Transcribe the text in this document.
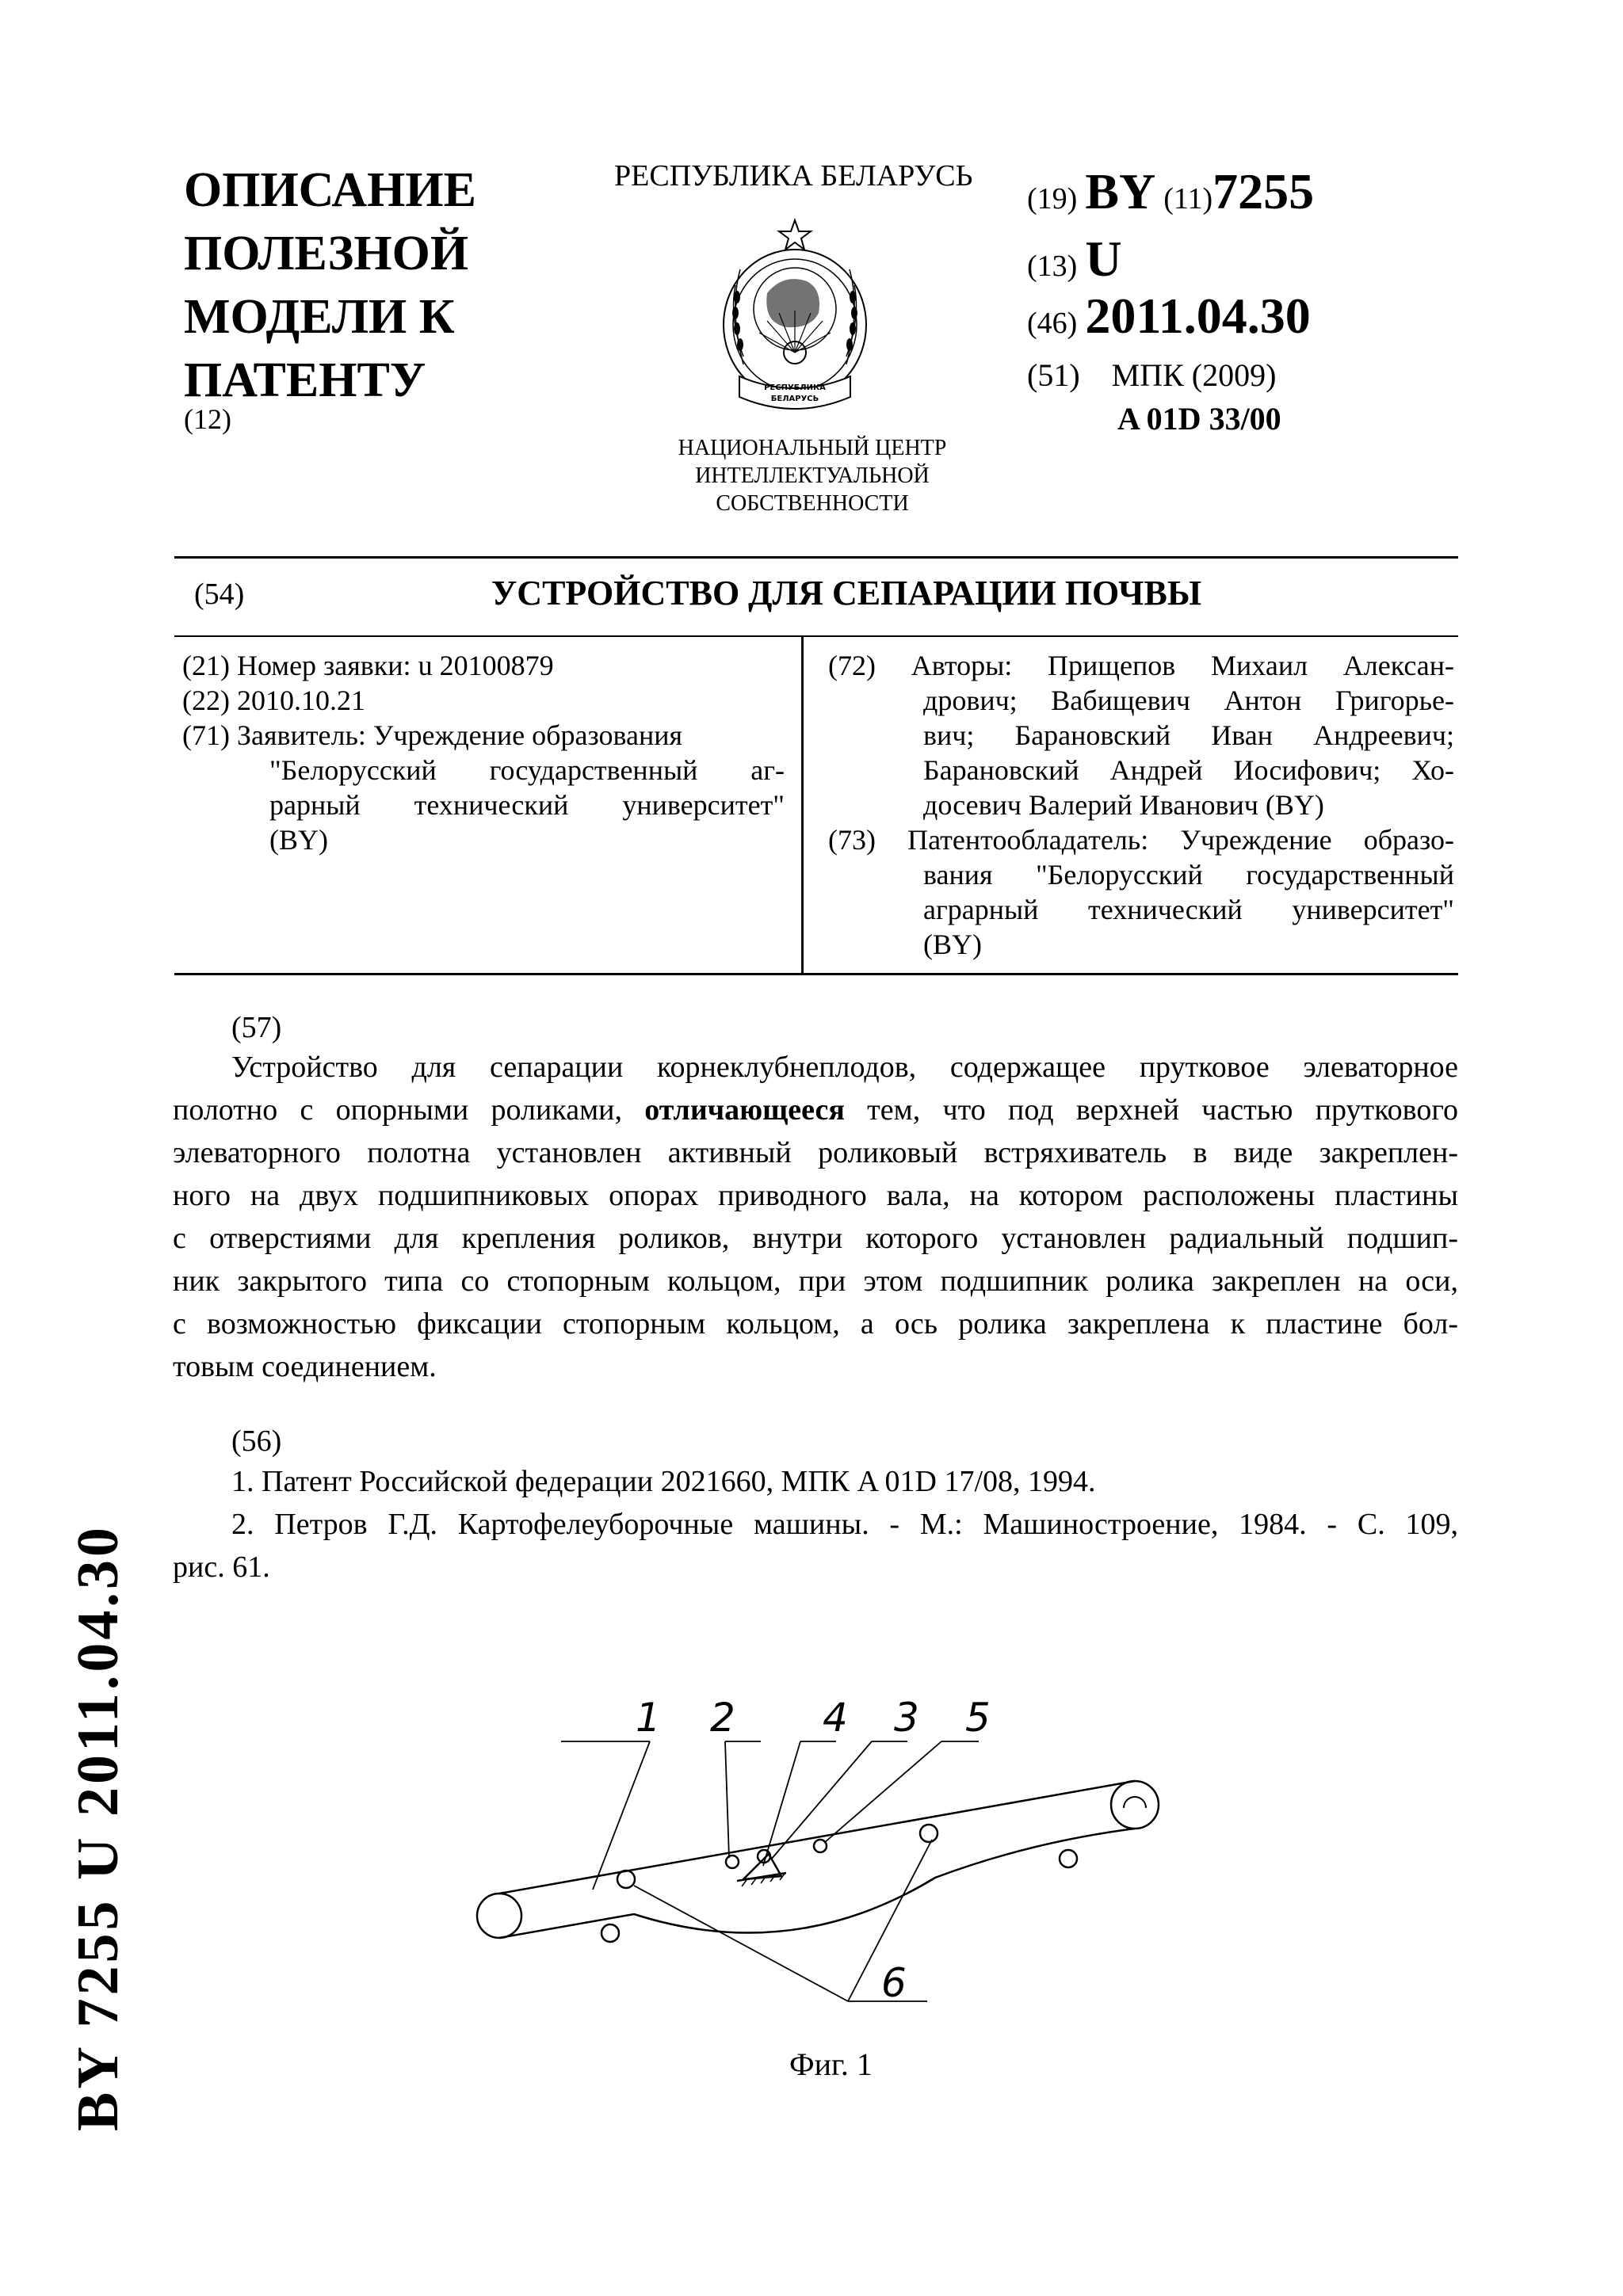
ОПИСАНИЕ
ПОЛЕЗНОЙ
МОДЕЛИ К
ПАТЕНТУ
(12)
РЕСПУБЛИКА БЕЛАРУСЬ
РЕСПУБЛИКА
БЕЛАРУСЬ
НАЦИОНАЛЬНЫЙ ЦЕНТР
ИНТЕЛЛЕКТУАЛЬНОЙ
СОБСТВЕННОСТИ
(19) BY (11)7255
(13) U
(46) 2011.04.30
(51) МПК (2009)
A 01D 33/00
(54)	УСТРОЙСТВО ДЛЯ СЕПАРАЦИИ ПОЧВЫ
(21) Номер заявки: u 20100879
(22) 2010.10.21
(71) Заявитель: Учреждение образования
"Белорусский государственный аг-
рарный технический университет"
(BY)
(72) Авторы: Прищепов Михаил Алексан-
дрович; Вабищевич Антон Григорье-
вич; Барановский Иван Андреевич;
Барановский Андрей Иосифович; Хо-
досевич Валерий Иванович (BY)
(73) Патентообладатель: Учреждение образо-
вания "Белорусский государственный
аграрный технический университет"
(BY)
(57)
Устройство для сепарации корнеклубнеплодов, содержащее прутковое элеваторное
полотно с опорными роликами, отличающееся тем, что под верхней частью пруткового
элеваторного полотна установлен активный роликовый встряхиватель в виде закреплен-
ного на двух подшипниковых опорах приводного вала, на котором расположены пластины
с отверстиями для крепления роликов, внутри которого установлен радиальный подшип-
ник закрытого типа со стопорным кольцом, при этом подшипник ролика закреплен на оси,
с возможностью фиксации стопорным кольцом, а ось ролика закреплена к пластине бол-
товым соединением.
(56)
1. Патент Российской федерации 2021660, МПК A 01D 17/08, 1994.
2. Петров Г.Д. Картофелеуборочные машины. - М.: Машиностроение, 1984. - С. 109,
рис. 61.
BY 7255 U 2011.04.30	1 2 4 3 5
6
Фиг. 1
